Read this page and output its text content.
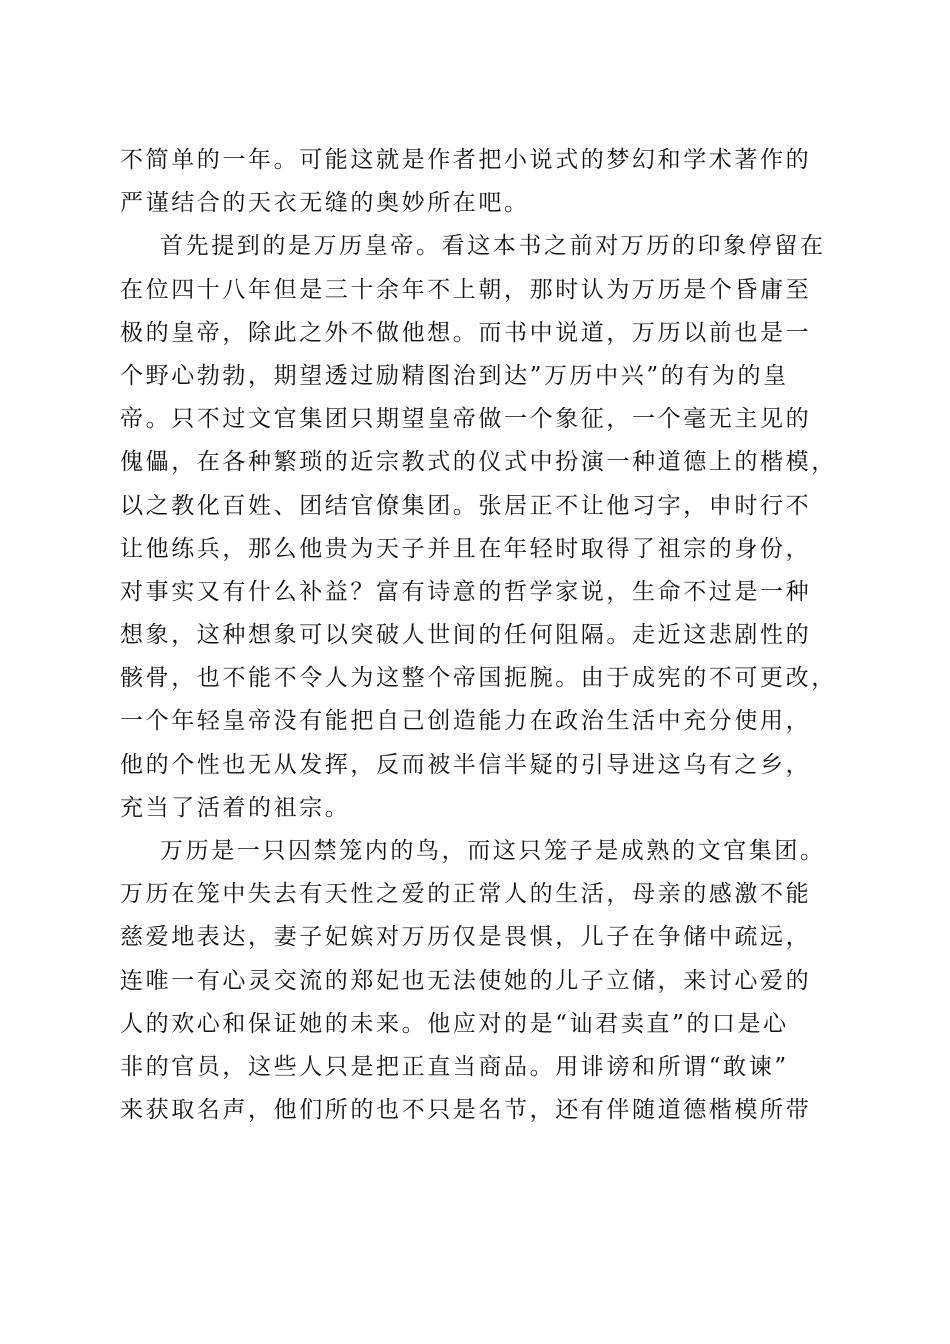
不简单的一年。可能这就是作者把小说式的梦幻和学术著作的
严谨结合的天衣无缝的奥妙所在吧。
首先提到的是万历皇帝。看这本书之前对万历的印象停留在
在位四十八年但是三十余年不上朝，那时认为万历是个昏庸至
极的皇帝，除此之外不做他想。而书中说道，万历以前也是一
个野心勃勃，期望透过励精图治到达”万历中兴”的有为的皇
帝。只不过文官集团只期望皇帝做一个象征，一个毫无主见的
傀儡，在各种繁琐的近宗教式的仪式中扮演一种道德上的楷模，
以之教化百姓、团结官僚集团。张居正不让他习字，申时行不
让他练兵，那么他贵为天子并且在年轻时取得了祖宗的身份，
对事实又有什么补益？富有诗意的哲学家说，生命不过是一种
想象，这种想象可以突破人世间的任何阻隔。走近这悲剧性的
骸骨，也不能不令人为这整个帝国扼腕。由于成宪的不可更改，
一个年轻皇帝没有能把自己创造能力在政治生活中充分使用，
他的个性也无从发挥，反而被半信半疑的引导进这乌有之乡，
充当了活着的祖宗。
万历是一只囚禁笼内的鸟，而这只笼子是成熟的文官集团。
万历在笼中失去有天性之爱的正常人的生活，母亲的感激不能
慈爱地表达，妻子妃嫔对万历仅是畏惧，儿子在争储中疏远，
连唯一有心灵交流的郑妃也无法使她的儿子立储，来讨心爱的
人的欢心和保证她的未来。他应对的是“讪君卖直”的口是心
非的官员，这些人只是把正直当商品。用诽谤和所谓“敢谏”
来获取名声，他们所的也不只是名节，还有伴随道德楷模所带
